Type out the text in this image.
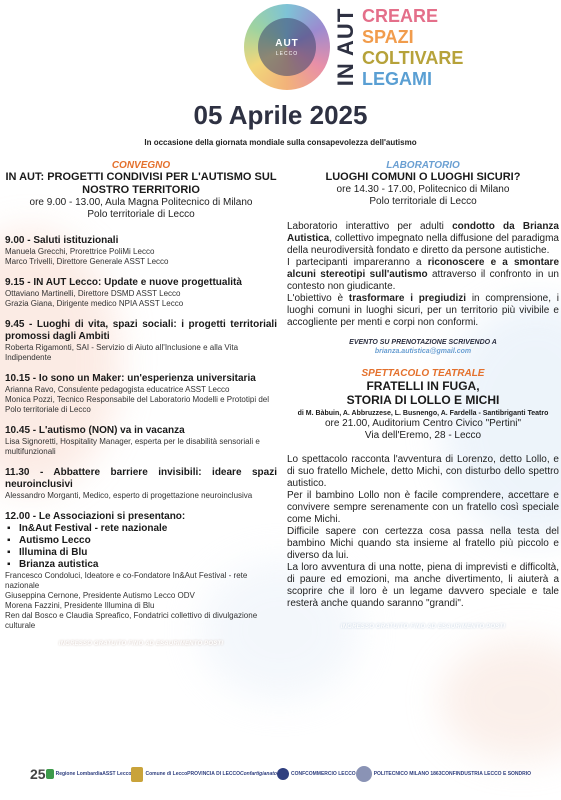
AUT
LECCO IN AUT CREARE
SPAZI
COLTIVARE
LEGAMI
05 Aprile 2025
In occasione della giornata mondiale sulla consapevolezza dell'autismo
CONVEGNO
IN AUT: PROGETTI CONDIVISI PER L'AUTISMO SUL NOSTRO TERRITORIO
ore 9.00 - 13.00, Aula Magna Politecnico di Milano
Polo territoriale di Lecco
9.00 - Saluti istituzionali
Manuela Grecchi, Prorettrice PoliMi Lecco
Marco Trivelli, Direttore Generale ASST Lecco
9.15 - IN AUT Lecco: Update e nuove progettualità
Ottaviano Martinelli, Direttore DSMD ASST Lecco
Grazia Giana, Dirigente medico NPIA ASST Lecco
9.45 - Luoghi di vita, spazi sociali: i progetti territoriali promossi dagli Ambiti
Roberta Rigamonti, SAI - Servizio di Aiuto all'Inclusione e alla Vita Indipendente
10.15 - Io sono un Maker: un'esperienza universitaria
Arianna Ravo, Consulente pedagogista educatrice ASST Lecco
Monica Pozzi, Tecnico Responsabile del Laboratorio Modelli e Prototipi del Polo territoriale di Lecco
10.45 - L'autismo (NON) va in vacanza
Lisa Signoretti, Hospitality Manager, esperta per le disabilità sensoriali e multifunzionali
11.30 - Abbattere barriere invisibili: ideare spazi neuroinclusivi
Alessandro Morganti, Medico, esperto di progettazione neuroinclusiva
12.00 - Le Associazioni si presentano:
▪ In&Aut Festival - rete nazionale
▪ Autismo Lecco
▪ Illumina di Blu
▪ Brianza autistica
Francesco Condoluci, Ideatore e co-Fondatore In&Aut Festival - rete nazionale
Giuseppina Cernone, Presidente Autismo Lecco ODV
Morena Fazzini, Presidente Illumina di Blu
Ren dal Bosco e Claudia Spreafico, Fondatrici collettivo di divulgazione culturale
INGRESSO GRATUITO FINO AD ESAURIMENTO POSTI
LABORATORIO
LUOGHI COMUNI O LUOGHI SICURI?
ore 14.30 - 17.00, Politecnico di Milano
Polo territoriale di Lecco
Laboratorio interattivo per adulti condotto da Brianza Autistica, collettivo impegnato nella diffusione del paradigma della neurodiversità fondato e diretto da persone autistiche.
I partecipanti impareranno a riconoscere e a smontare alcuni stereotipi sull'autismo attraverso il confronto in un contesto non giudicante.
L'obiettivo è trasformare i pregiudizi in comprensione, i luoghi comuni in luoghi sicuri, per un territorio più vivibile e accogliente per menti e corpi non conformi.
EVENTO SU PRENOTAZIONE SCRIVENDO A
brianza.autistica@gmail.com
SPETTACOLO TEATRALE
FRATELLI IN FUGA,
STORIA DI LOLLO E MICHI
di M. Bàbuin, A. Abbruzzese, L. Busnengo, A. Fardella - Santibriganti Teatro
ore 21.00, Auditorium Centro Civico "Pertini"
Via dell'Eremo, 28 - Lecco
Lo spettacolo racconta l'avventura di Lorenzo, detto Lollo, e di suo fratello Michele, detto Michi, con disturbo dello spettro autistico.
Per il bambino Lollo non è facile comprendere, accettare e convivere sempre serenamente con un fratello così speciale come Michi.
Difficile sapere con certezza cosa passa nella testa del bambino Michi quando sta insieme al fratello più piccolo e diverso da lui.
La loro avventura di una notte, piena di imprevisti e difficoltà, di paure ed emozioni, ma anche divertimento, li aiuterà a scoprire che il loro è un legame davvero speciale e tale resterà anche quando saranno "grandi".
INGRESSO GRATUITO FINO AD ESAURIMENTO POSTI
25 Regione Lombardia ASST Lecco	Comune di Lecco PROVINCIA DI LECCO Confartigianato	CONFCOMMERCIO LECCO	POLITECNICO MILANO 1863 CONFINDUSTRIA LECCO E SONDRIO
